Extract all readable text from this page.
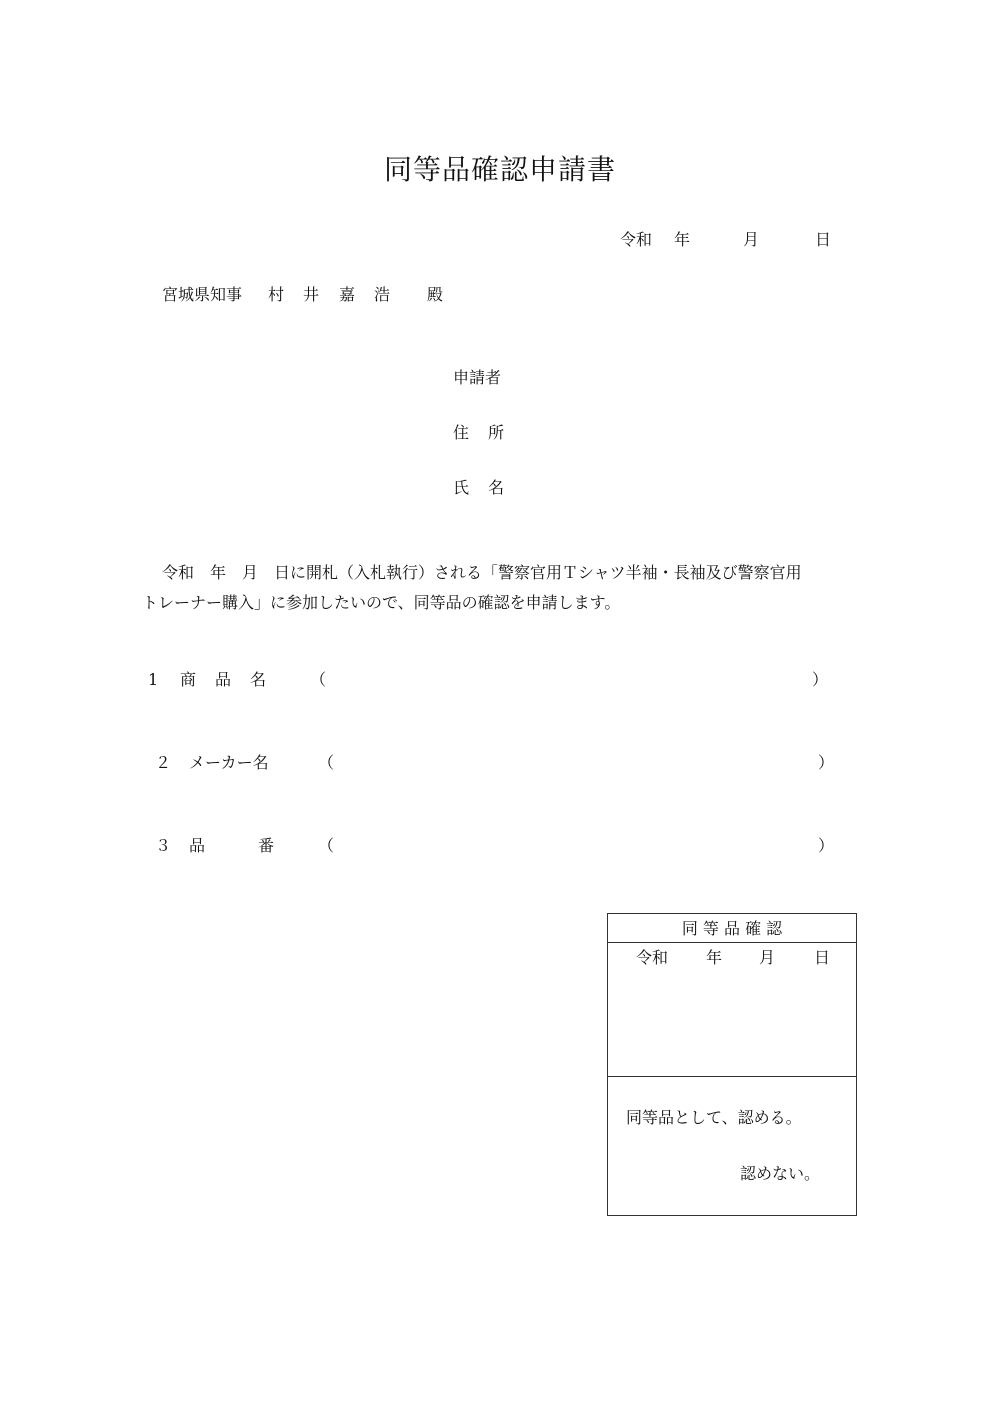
同等品確認申請書
令和 年	月	日
宮城県知事 村 井 嘉 浩 殿
申請者
住 所
氏 名
令和　年　月　日に開札（入札執行）される「警察官用Ｔシャツ半袖・長袖及び警察官用
トレーナー購入」に参加したいので、同等品の確認を申請します。
1 商 品 名	（	）
２ メーカー名	（	）
３ 品	番	（	）
同 等 品 確 認
令和 年 月 日
同等品として、認める。
認めない。
